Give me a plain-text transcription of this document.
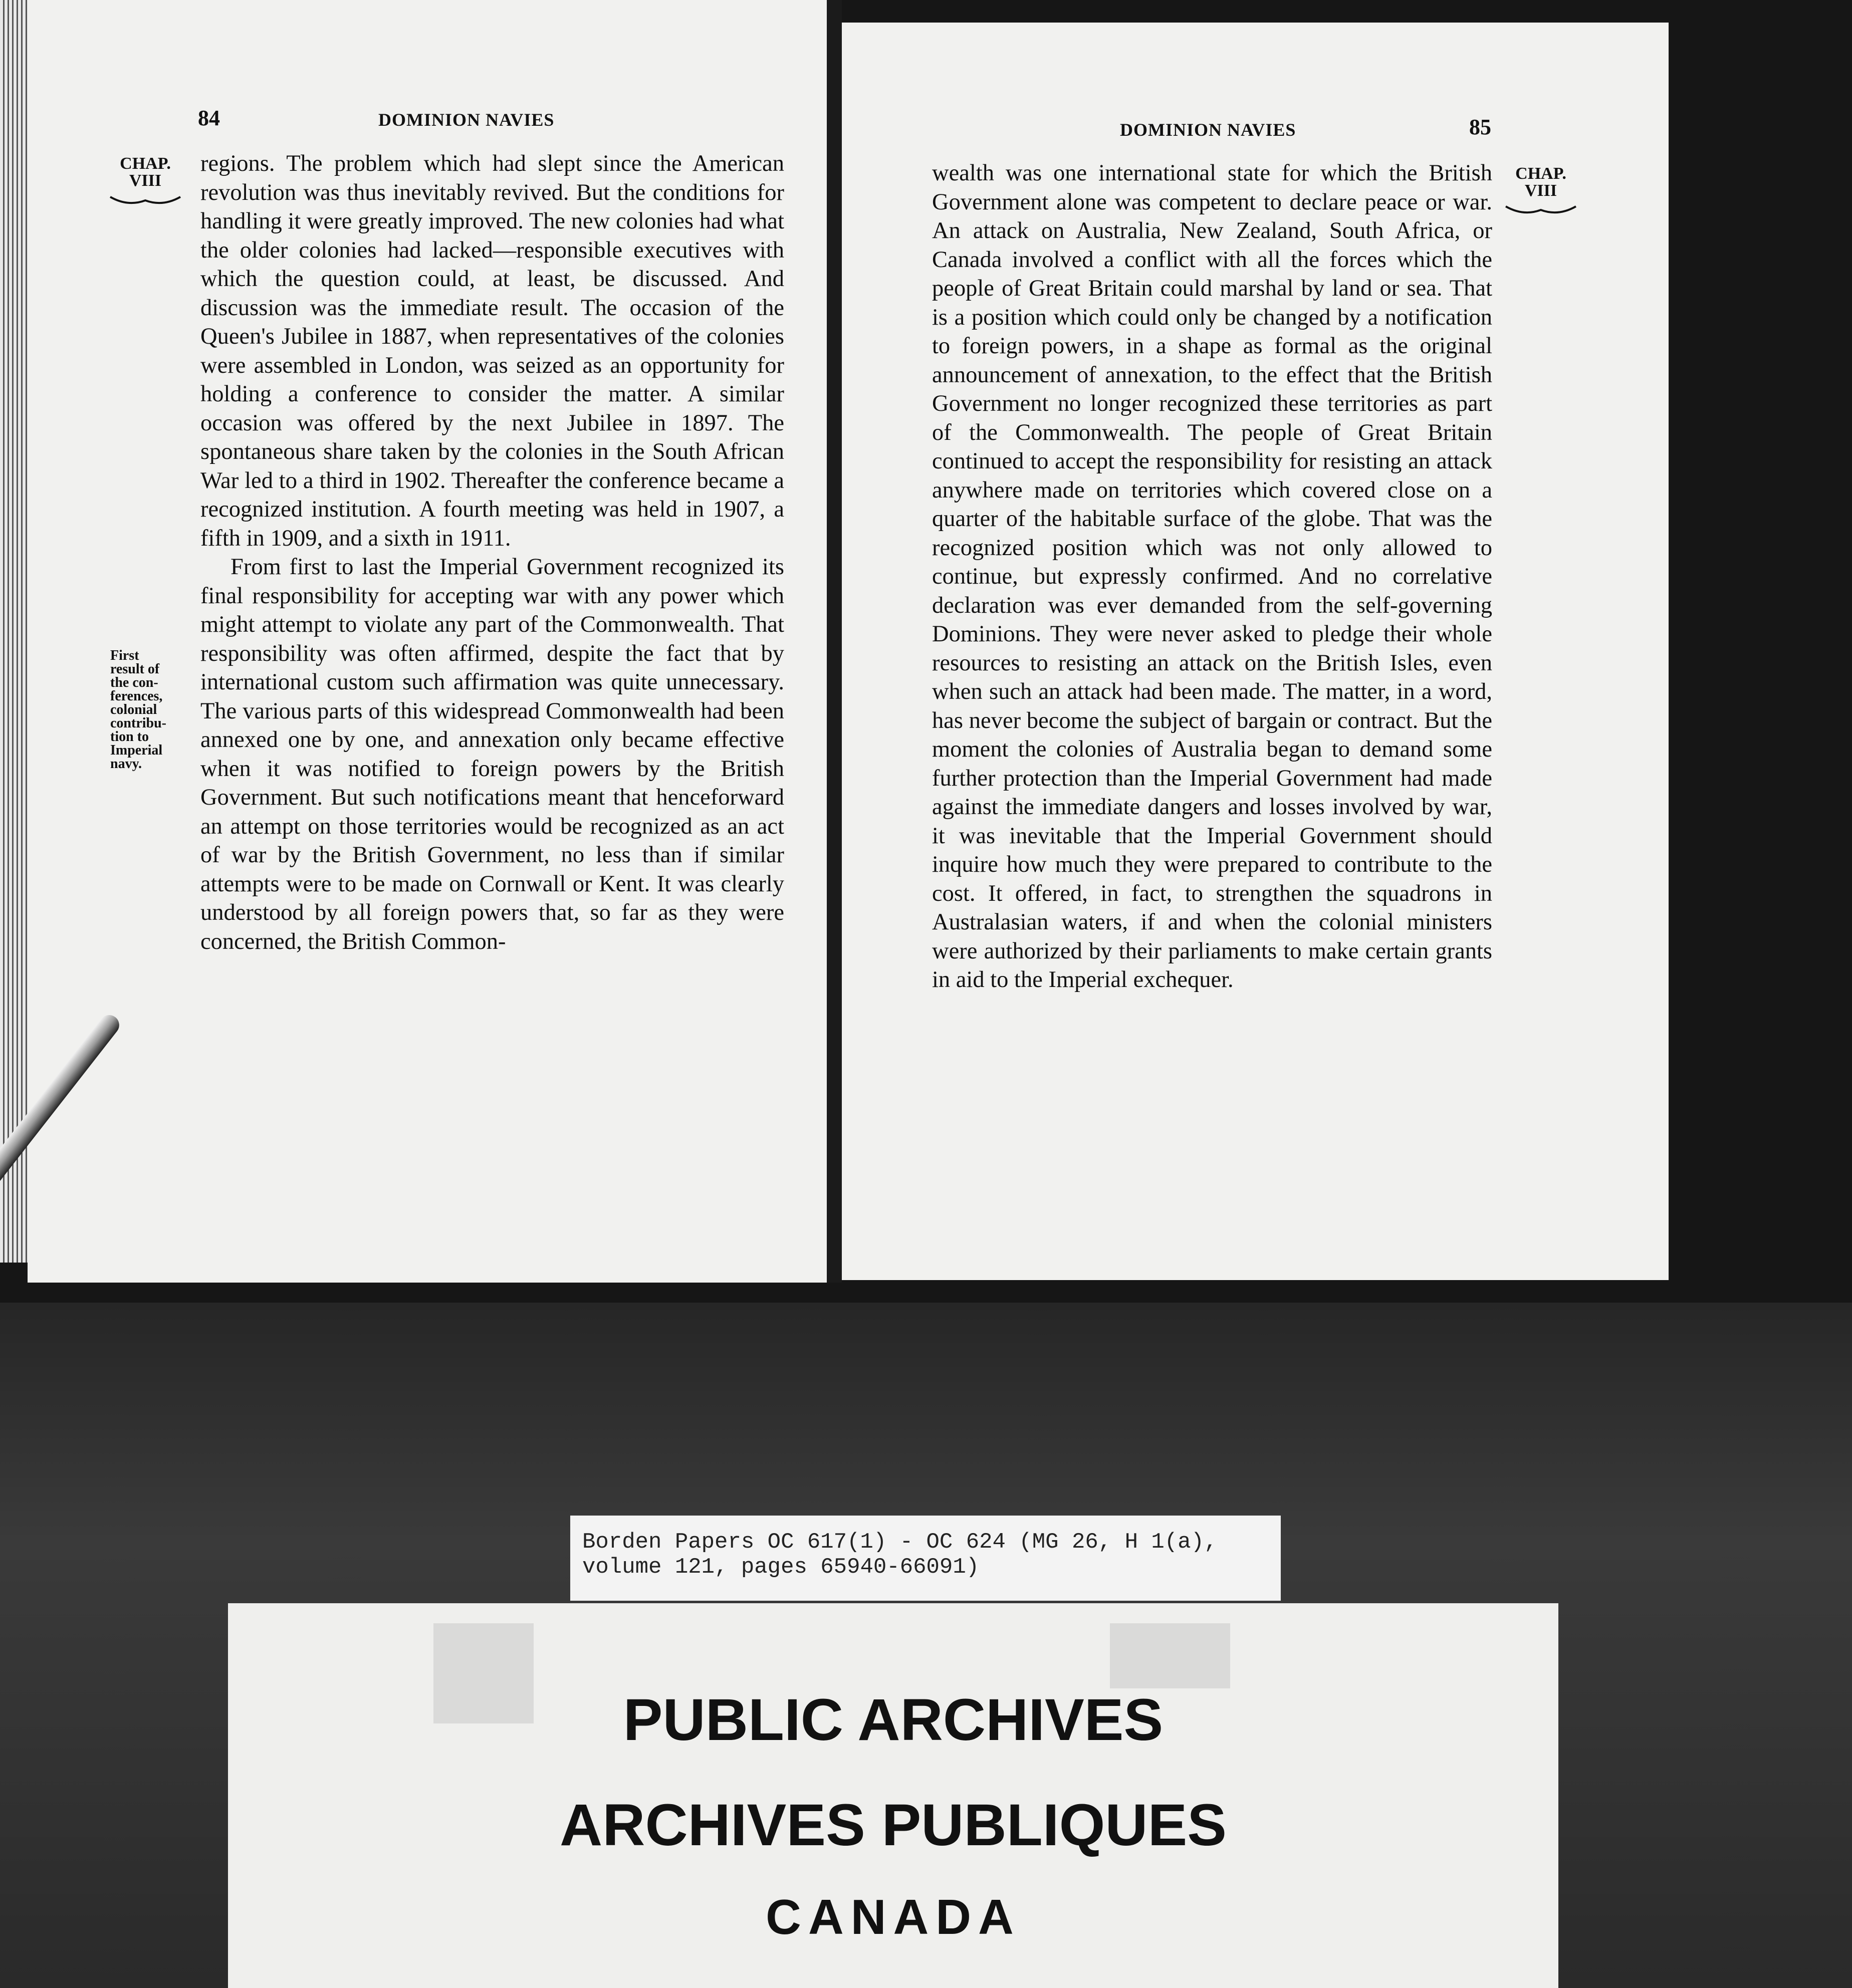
84	DOMINION NAVIES
CHAP.
VIII
First
result of
the con-
ferences,
colonial
contribu-
tion to
Imperial
navy.

regions. The problem which had slept since the American revolution was thus inevitably revived. But the conditions for handling it were greatly improved. The new colonies had what the older colonies had lacked—responsible executives with which the question could, at least, be discussed. And discussion was the immediate result. The occasion of the Queen's Jubilee in 1887, when representatives of the colonies were assembled in London, was seized as an opportunity for holding a conference to consider the matter. A similar occasion was offered by the next Jubilee in 1897. The spontaneous share taken by the colonies in the South African War led to a third in 1902. Thereafter the conference became a recognized institution. A fourth meeting was held in 1907, a fifth in 1909, and a sixth in 1911.

From first to last the Imperial Government recognized its final responsibility for accepting war with any power which might attempt to violate any part of the Commonwealth. That responsibility was often affirmed, despite the fact that by international custom such affirmation was quite unnecessary. The various parts of this widespread Commonwealth had been annexed one by one, and annexation only became effective when it was notified to foreign powers by the British Government. But such notifications meant that henceforward an attempt on those territories would be recognized as an act of war by the British Government, no less than if similar attempts were to be made on Cornwall or Kent. It was clearly understood by all foreign powers that, so far as they were concerned, the British Common-

DOMINION NAVIES	85
CHAP.
VIII

wealth was one international state for which the British Government alone was competent to declare peace or war. An attack on Australia, New Zealand, South Africa, or Canada involved a conflict with all the forces which the people of Great Britain could marshal by land or sea. That is a position which could only be changed by a notification to foreign powers, in a shape as formal as the original announcement of annexation, to the effect that the British Government no longer recognized these territories as part of the Commonwealth. The people of Great Britain continued to accept the responsibility for resisting an attack anywhere made on territories which covered close on a quarter of the habitable surface of the globe. That was the recognized position which was not only allowed to continue, but expressly confirmed. And no correlative declaration was ever demanded from the self-governing Dominions. They were never asked to pledge their whole resources to resisting an attack on the British Isles, even when such an attack had been made. The matter, in a word, has never become the subject of bargain or contract. But the moment the colonies of Australia began to demand some further protection than the Imperial Government had made against the immediate dangers and losses involved by war, it was inevitable that the Imperial Government should inquire how much they were prepared to contribute to the cost. It offered, in fact, to strengthen the squadrons in Australasian waters, if and when the colonial ministers were authorized by their parliaments to make certain grants in aid to the Imperial exchequer.

Borden Papers OC 617(1) - OC 624 (MG 26, H 1(a),
volume 121, pages 65940-66091)
PUBLIC ARCHIVES
ARCHIVES PUBLIQUES
CANADA
